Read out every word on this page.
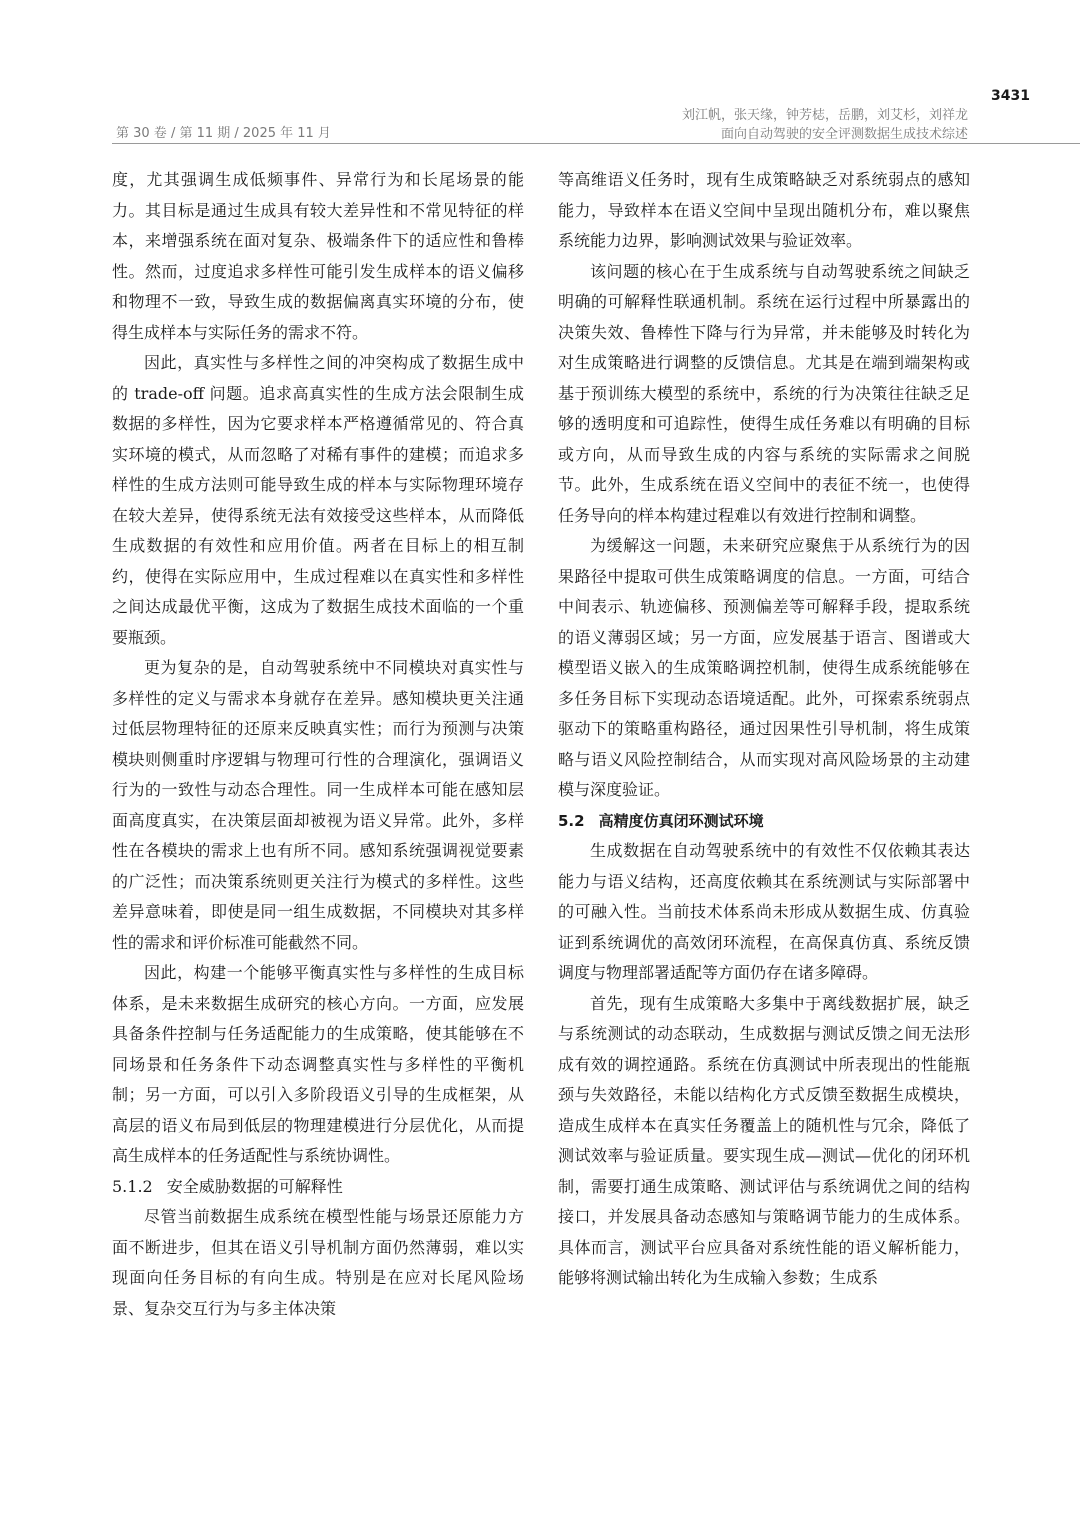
3431
第 30 卷 / 第 11 期 / 2025 年 11 月
刘江帆，张天缘，钟芳梽，岳鹏，刘艾杉，刘祥龙
面向自动驾驶的安全评测数据生成技术综述

度，尤其强调生成低频事件、异常行为和长尾场景的能力。其目标是通过生成具有较大差异性和不常见特征的样本，来增强系统在面对复杂、极端条件下的适应性和鲁棒性。然而，过度追求多样性可能引发生成样本的语义偏移和物理不一致，导致生成的数据偏离真实环境的分布，使得生成样本与实际任务的需求不符。

因此，真实性与多样性之间的冲突构成了数据生成中的 trade-off 问题。追求高真实性的生成方法会限制生成数据的多样性，因为它要求样本严格遵循常见的、符合真实环境的模式，从而忽略了对稀有事件的建模；而追求多样性的生成方法则可能导致生成的样本与实际物理环境存在较大差异，使得系统无法有效接受这些样本，从而降低生成数据的有效性和应用价值。两者在目标上的相互制约，使得在实际应用中，生成过程难以在真实性和多样性之间达成最优平衡，这成为了数据生成技术面临的一个重要瓶颈。

更为复杂的是，自动驾驶系统中不同模块对真实性与多样性的定义与需求本身就存在差异。感知模块更关注通过低层物理特征的还原来反映真实性；而行为预测与决策模块则侧重时序逻辑与物理可行性的合理演化，强调语义行为的一致性与动态合理性。同一生成样本可能在感知层面高度真实，在决策层面却被视为语义异常。此外，多样性在各模块的需求上也有所不同。感知系统强调视觉要素的广泛性；而决策系统则更关注行为模式的多样性。这些差异意味着，即使是同一组生成数据，不同模块对其多样性的需求和评价标准可能截然不同。

因此，构建一个能够平衡真实性与多样性的生成目标体系，是未来数据生成研究的核心方向。一方面，应发展具备条件控制与任务适配能力的生成策略，使其能够在不同场景和任务条件下动态调整真实性与多样性的平衡机制；另一方面，可以引入多阶段语义引导的生成框架，从高层的语义布局到低层的物理建模进行分层优化，从而提高生成样本的任务适配性与系统协调性。

5.1.2 安全威胁数据的可解释性

尽管当前数据生成系统在模型性能与场景还原能力方面不断进步，但其在语义引导机制方面仍然薄弱，难以实现面向任务目标的有向生成。特别是在应对长尾风险场景、复杂交互行为与多主体决策

等高维语义任务时，现有生成策略缺乏对系统弱点的感知能力，导致样本在语义空间中呈现出随机分布，难以聚焦系统能力边界，影响测试效果与验证效率。

该问题的核心在于生成系统与自动驾驶系统之间缺乏明确的可解释性联通机制。系统在运行过程中所暴露出的决策失效、鲁棒性下降与行为异常，并未能够及时转化为对生成策略进行调整的反馈信息。尤其是在端到端架构或基于预训练大模型的系统中，系统的行为决策往往缺乏足够的透明度和可追踪性，使得生成任务难以有明确的目标或方向，从而导致生成的内容与系统的实际需求之间脱节。此外，生成系统在语义空间中的表征不统一，也使得任务导向的样本构建过程难以有效进行控制和调整。

为缓解这一问题，未来研究应聚焦于从系统行为的因果路径中提取可供生成策略调度的信息。一方面，可结合中间表示、轨迹偏移、预测偏差等可解释手段，提取系统的语义薄弱区域；另一方面，应发展基于语言、图谱或大模型语义嵌入的生成策略调控机制，使得生成系统能够在多任务目标下实现动态语境适配。此外，可探索系统弱点驱动下的策略重构路径，通过因果性引导机制，将生成策略与语义风险控制结合，从而实现对高风险场景的主动建模与深度验证。

5.2 高精度仿真闭环测试环境

生成数据在自动驾驶系统中的有效性不仅依赖其表达能力与语义结构，还高度依赖其在系统测试与实际部署中的可融入性。当前技术体系尚未形成从数据生成、仿真验证到系统调优的高效闭环流程，在高保真仿真、系统反馈调度与物理部署适配等方面仍存在诸多障碍。

首先，现有生成策略大多集中于离线数据扩展，缺乏与系统测试的动态联动，生成数据与测试反馈之间无法形成有效的调控通路。系统在仿真测试中所表现出的性能瓶颈与失效路径，未能以结构化方式反馈至数据生成模块，造成生成样本在真实任务覆盖上的随机性与冗余，降低了测试效率与验证质量。要实现生成—测试—优化的闭环机制，需要打通生成策略、测试评估与系统调优之间的结构接口，并发展具备动态感知与策略调节能力的生成体系。具体而言，测试平台应具备对系统性能的语义解析能力，能够将测试输出转化为生成输入参数；生成系
